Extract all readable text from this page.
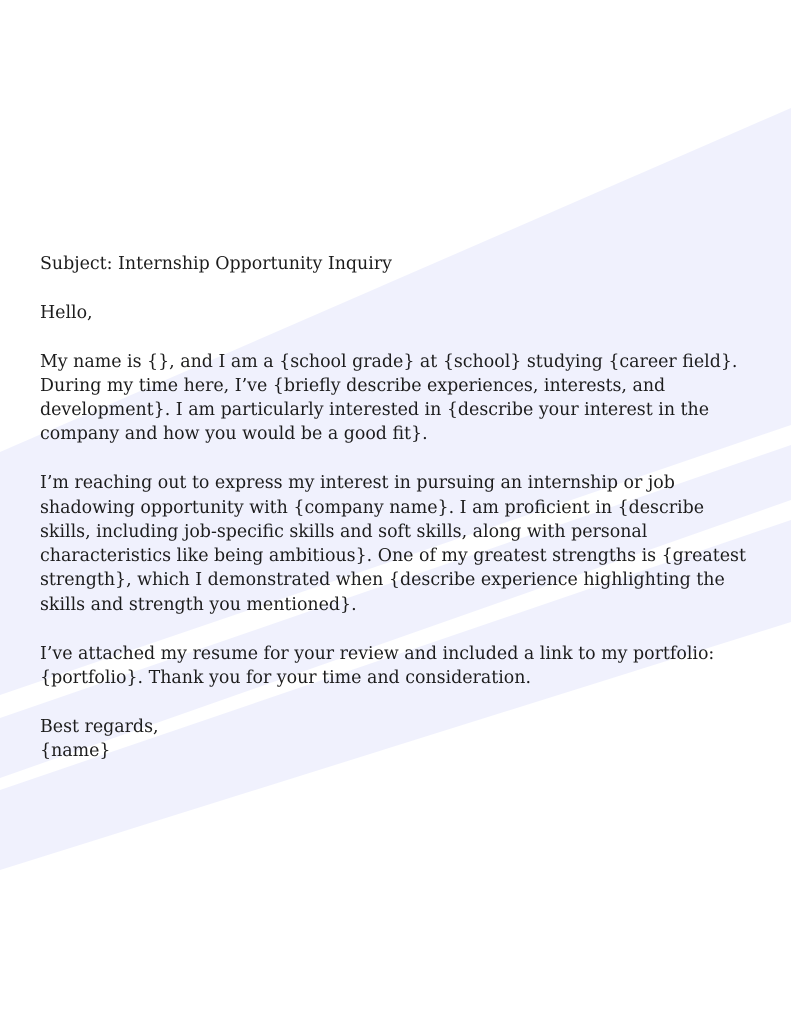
Subject: Internship Opportunity Inquiry

Hello,

My name is {}, and I am a {school grade} at {school} studying {career field}. During my time here, I’ve {briefly describe experiences, interests, and development}. I am particularly interested in {describe your interest in the company and how you would be a good fit}.

I’m reaching out to express my interest in pursuing an internship or job shadowing opportunity with {company name}. I am proficient in {describe skills, including job-specific skills and soft skills, along with personal characteristics like being ambitious}. One of my greatest strengths is {greatest strength}, which I demonstrated when {describe experience highlighting the skills and strength you mentioned}.

I’ve attached my resume for your review and included a link to my portfolio: {portfolio}. Thank you for your time and consideration.

Best regards,

{name}
